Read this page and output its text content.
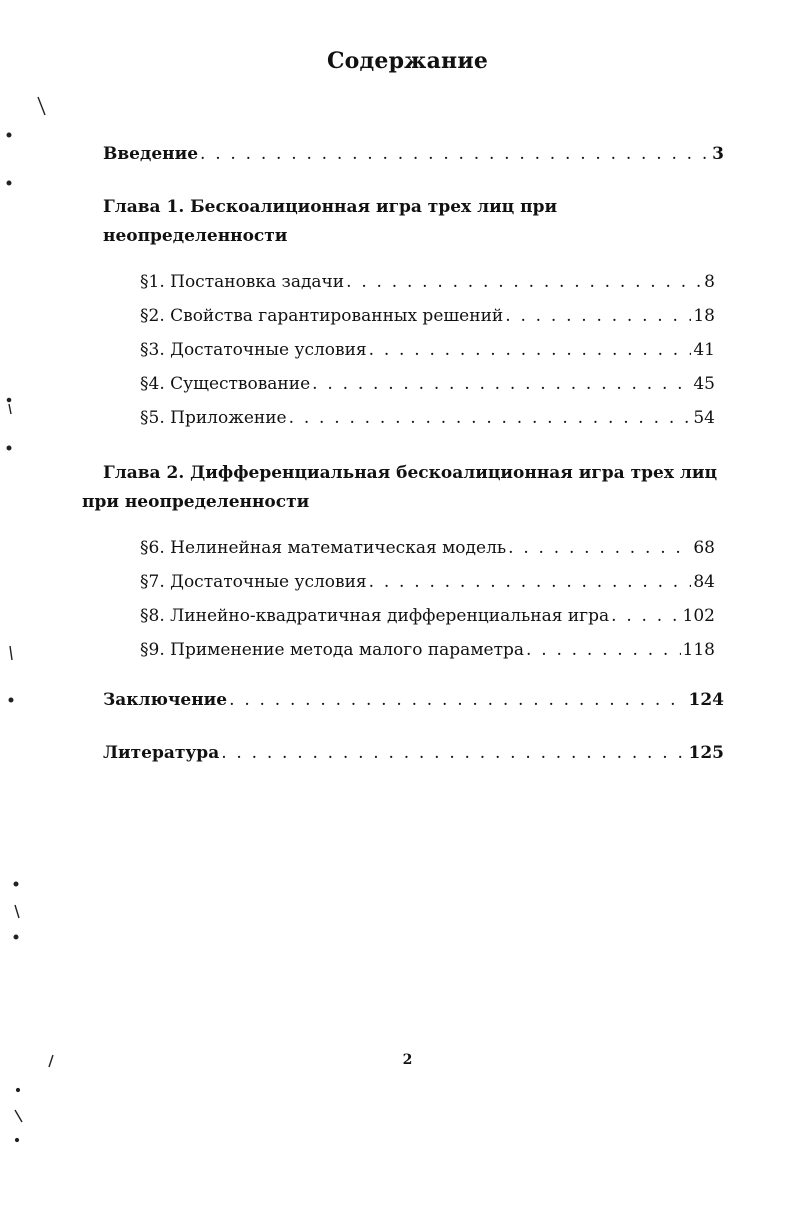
Содержание
Введение . . .	3
Глава 1. Бескоалиционная игра трех лиц при неопределенности
§1. Постановка задачи . . .	8
§2. Свойства гарантированных решений . . .	18
§3. Достаточные условия . . .	41
§4. Существование . . .	45
§5. Приложение . . .	54
Глава 2. Дифференциальная бескоалиционная игра трех лиц при неопределенности
§6. Нелинейная математическая модель . . .	68
§7. Достаточные условия . . .	84
§8. Линейно-квадратичная дифференциальная игра . . .	102
§9. Применение метода малого параметра . . .	118
Заключение . . .	124
Литература . . .	125
2
